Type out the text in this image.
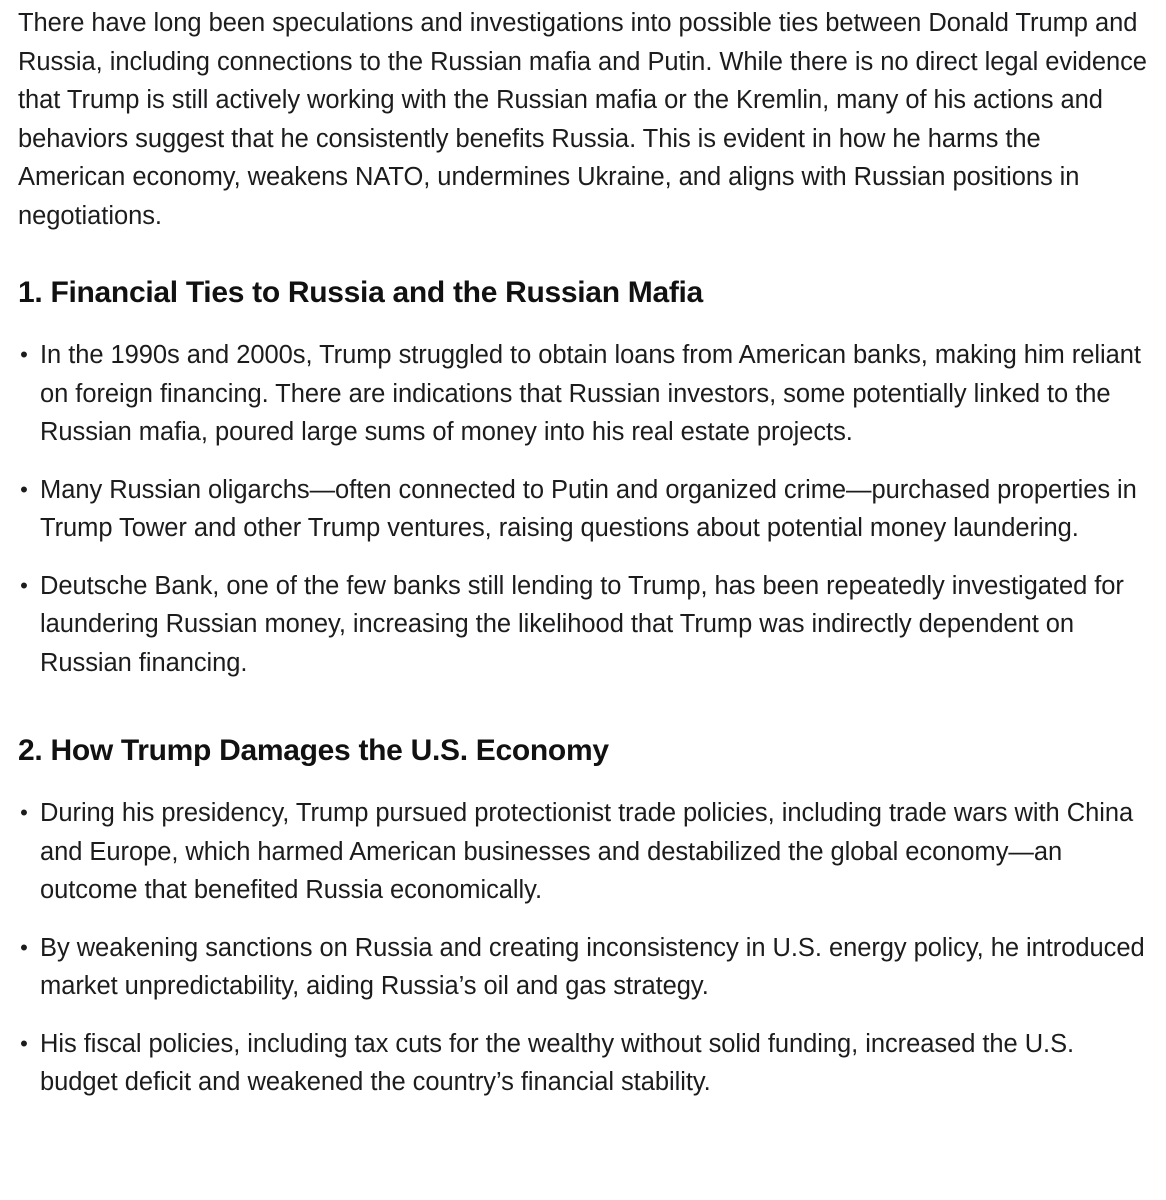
There have long been speculations and investigations into possible ties between Donald Trump and Russia, including connections to the Russian mafia and Putin. While there is no direct legal evidence that Trump is still actively working with the Russian mafia or the Kremlin, many of his actions and behaviors suggest that he consistently benefits Russia. This is evident in how he harms the American economy, weakens NATO, undermines Ukraine, and aligns with Russian positions in negotiations.

1. Financial Ties to Russia and the Russian Mafia
• In the 1990s and 2000s, Trump struggled to obtain loans from American banks, making him reliant on foreign financing. There are indications that Russian investors, some potentially linked to the Russian mafia, poured large sums of money into his real estate projects.
• Many Russian oligarchs—often connected to Putin and organized crime—purchased properties in Trump Tower and other Trump ventures, raising questions about potential money laundering.
• Deutsche Bank, one of the few banks still lending to Trump, has been repeatedly investigated for laundering Russian money, increasing the likelihood that Trump was indirectly dependent on Russian financing.
2. How Trump Damages the U.S. Economy
• During his presidency, Trump pursued protectionist trade policies, including trade wars with China and Europe, which harmed American businesses and destabilized the global economy—an outcome that benefited Russia economically.
• By weakening sanctions on Russia and creating inconsistency in U.S. energy policy, he introduced market unpredictability, aiding Russia’s oil and gas strategy.
• His fiscal policies, including tax cuts for the wealthy without solid funding, increased the U.S. budget deficit and weakened the country’s financial stability.
